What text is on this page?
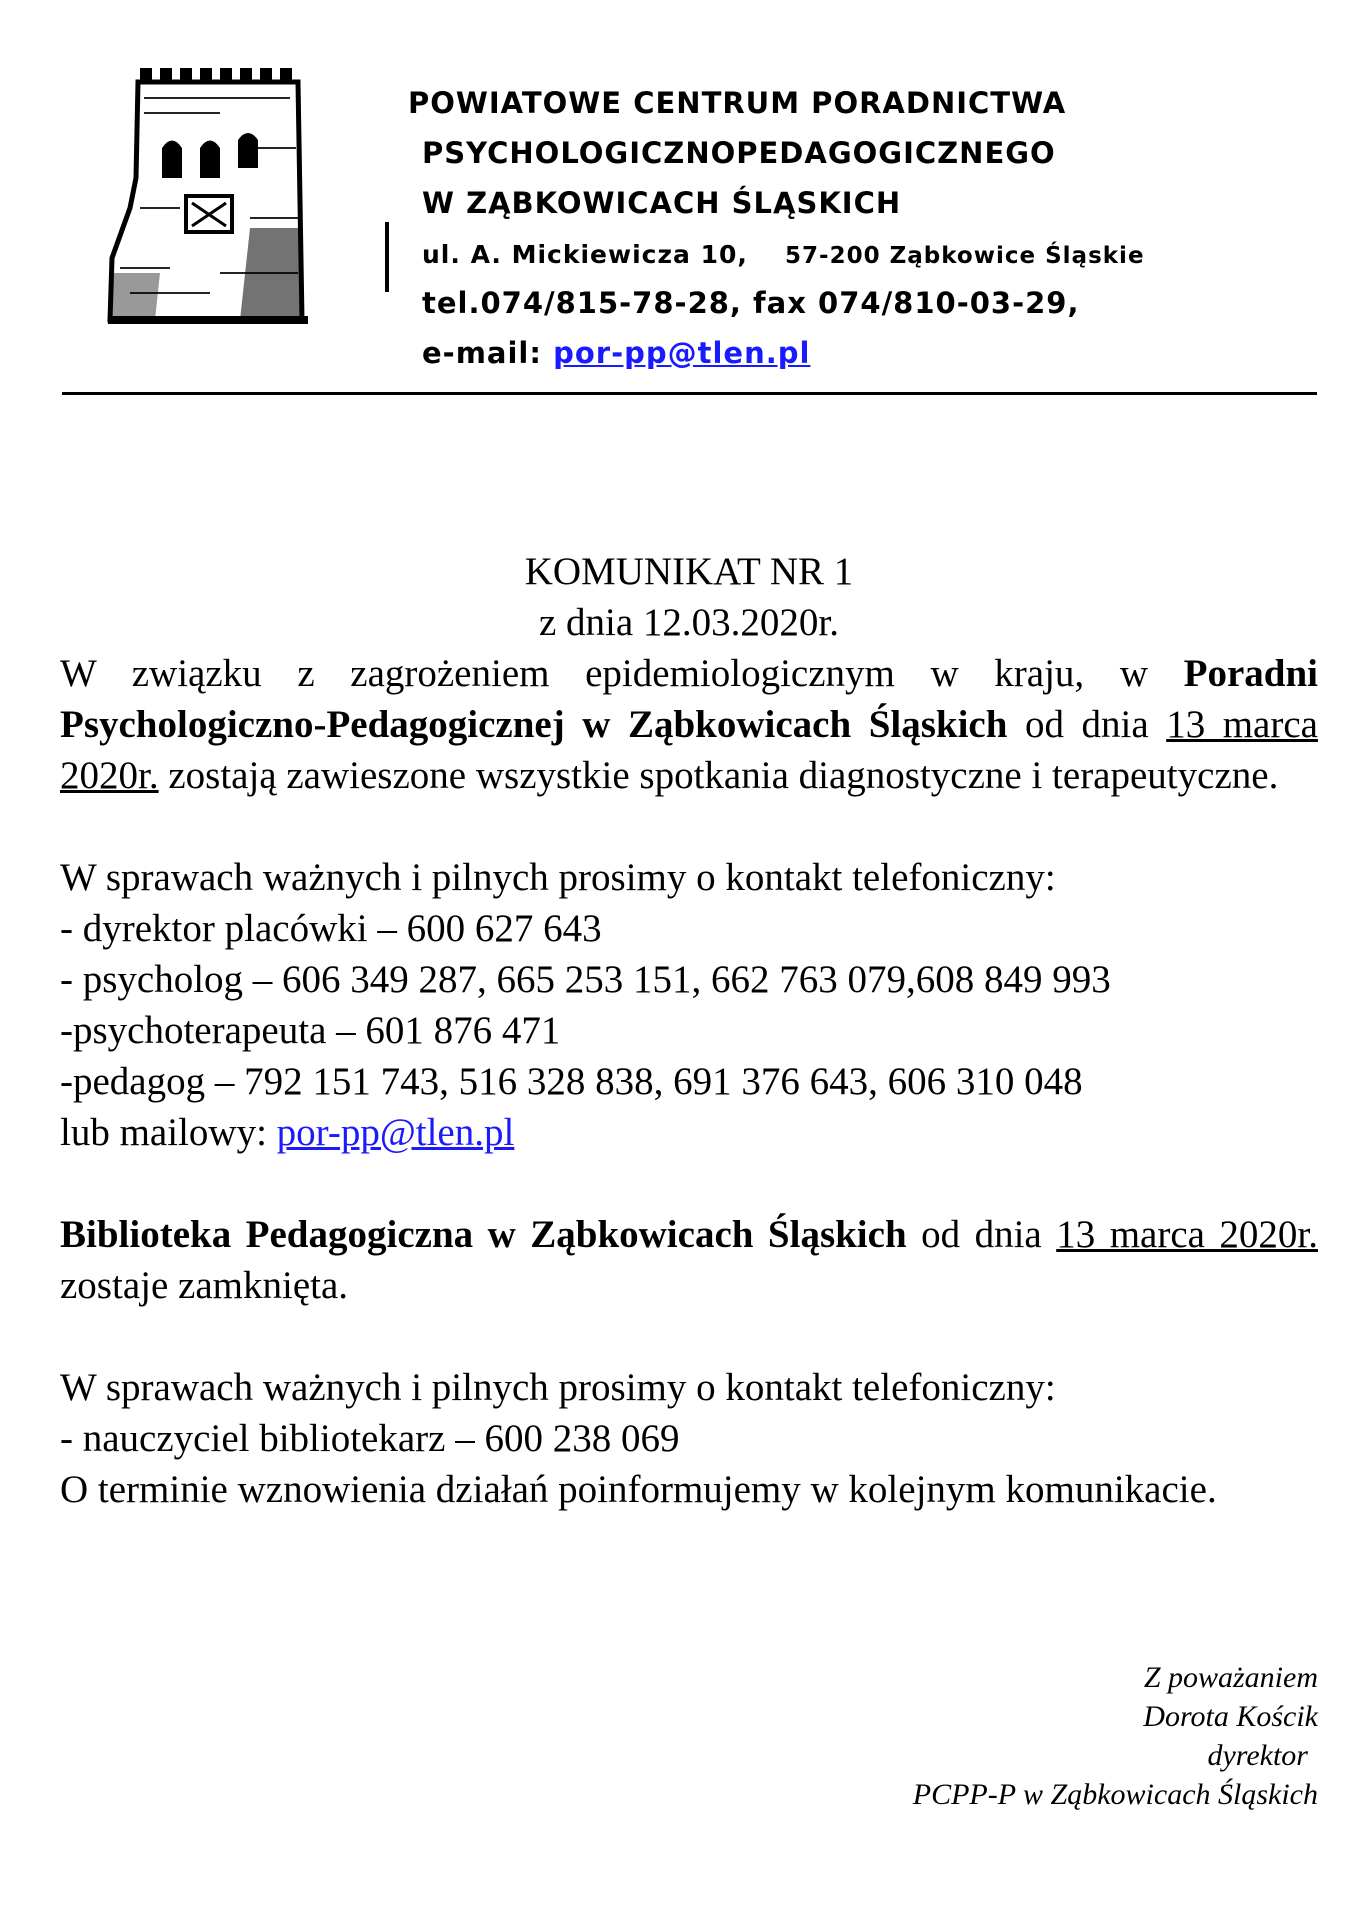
POWIATOWE CENTRUM PORADNICTWA
PSYCHOLOGICZNOPEDAGOGICZNEGO
W ZĄBKOWICACH ŚLĄSKICH
ul. A. Mickiewicza 10, 57-200 Ząbkowice Śląskie
tel.074/815-78-28, fax 074/810-03-29,
e-mail: por-pp@tlen.pl
KOMUNIKAT NR 1
z dnia 12.03.2020r.
W związku z zagrożeniem epidemiologicznym w kraju, w Poradni Psychologiczno-Pedagogicznej w Ząbkowicach Śląskich od dnia 13 marca 2020r. zostają zawieszone wszystkie spotkania diagnostyczne i terapeutyczne.
W sprawach ważnych i pilnych prosimy o kontakt telefoniczny:
- dyrektor placówki – 600 627 643
- psycholog – 606 349 287, 665 253 151, 662 763 079,608 849 993
-psychoterapeuta – 601 876 471
-pedagog – 792 151 743, 516 328 838, 691 376 643, 606 310 048
lub mailowy: por-pp@tlen.pl
Biblioteka Pedagogiczna w Ząbkowicach Śląskich od dnia 13 marca 2020r. zostaje zamknięta.
W sprawach ważnych i pilnych prosimy o kontakt telefoniczny:
- nauczyciel bibliotekarz – 600 238 069
O terminie wznowienia działań poinformujemy w kolejnym komunikacie.
Z poważaniem
Dorota Kościk
dyrektor
PCPP-P w Ząbkowicach Śląskich
